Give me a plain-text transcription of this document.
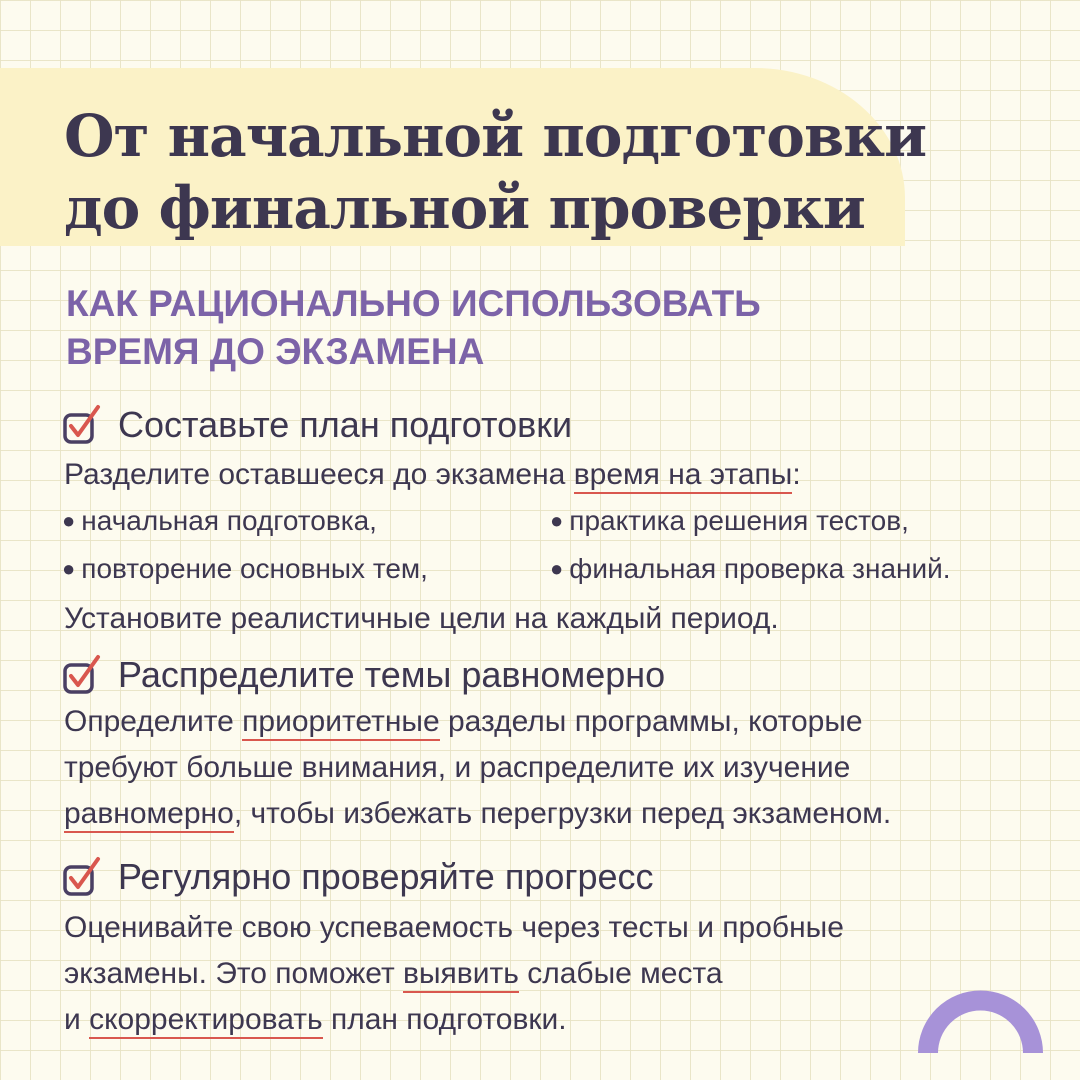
От начальной подготовки
до финальной проверки
КАК РАЦИОНАЛЬНО ИСПОЛЬЗОВАТЬ
ВРЕМЯ ДО ЭКЗАМЕНА
Составьте план подготовки
Разделите оставшееся до экзамена время на этапы:
● начальная подготовка,	● практика решения тестов,
● повторение основных тем,	● финальная проверка знаний.
Установите реалистичные цели на каждый период.
Распределите темы равномерно
Определите приоритетные разделы программы, которые
требуют больше внимания, и распределите их изучение
равномерно, чтобы избежать перегрузки перед экзаменом.
Регулярно проверяйте прогресс
Оценивайте свою успеваемость через тесты и пробные
экзамены. Это поможет выявить слабые места
и скорректировать план подготовки.
